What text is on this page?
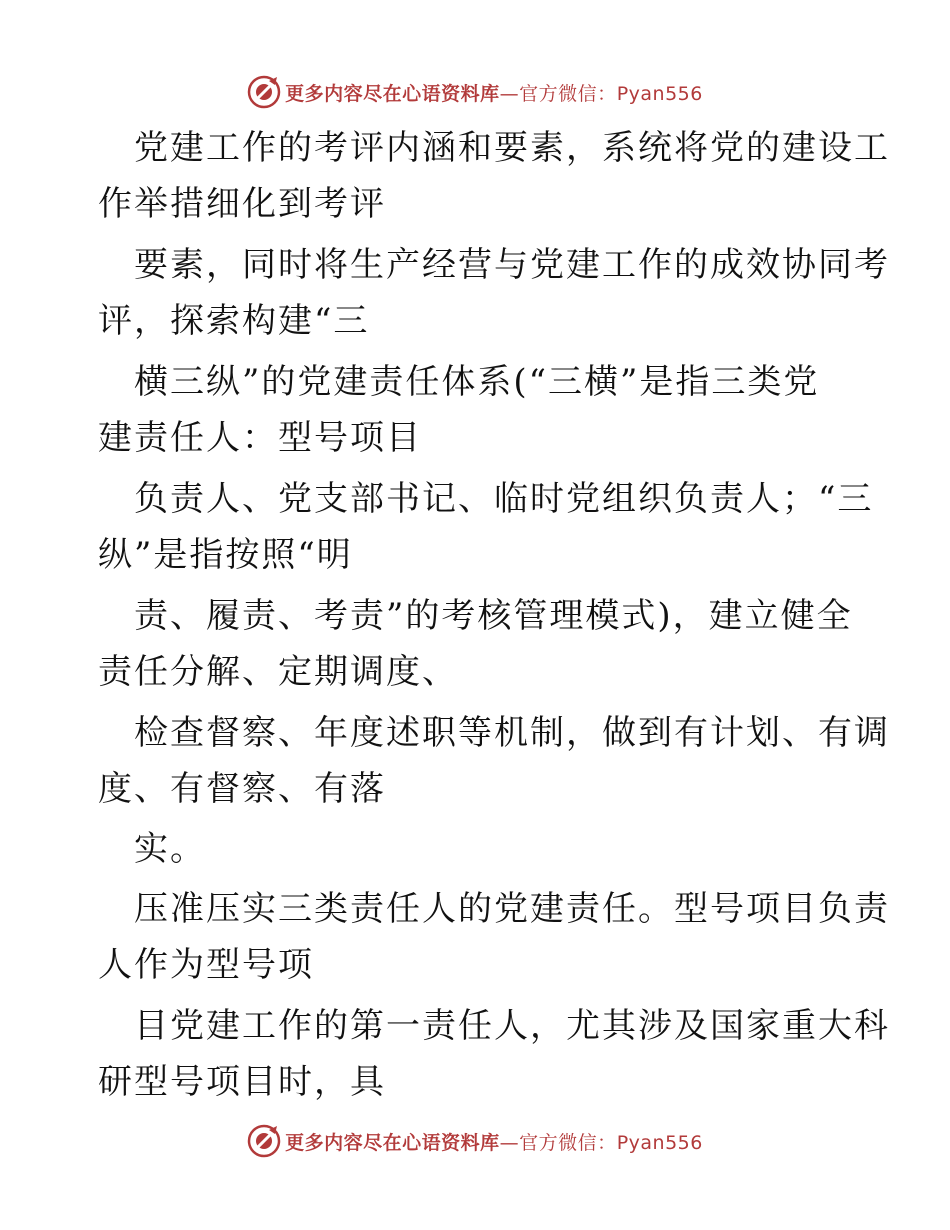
更多内容尽在心语资料库—官方微信：Pyan556
党建工作的考评内涵和要素，系统将党的建设工
作举措细化到考评
要素，同时将生产经营与党建工作的成效协同考
评，探索构建“三
横三纵”的党建责任体系(“三横”是指三类党
建责任人：型号项目
负责人、党支部书记、临时党组织负责人；“三
纵”是指按照“明
责、履责、考责”的考核管理模式)，建立健全
责任分解、定期调度、
检查督察、年度述职等机制，做到有计划、有调
度、有督察、有落
实。
压准压实三类责任人的党建责任。型号项目负责
人作为型号项
目党建工作的第一责任人，尤其涉及国家重大科
研型号项目时，具
更多内容尽在心语资料库—官方微信：Pyan556
